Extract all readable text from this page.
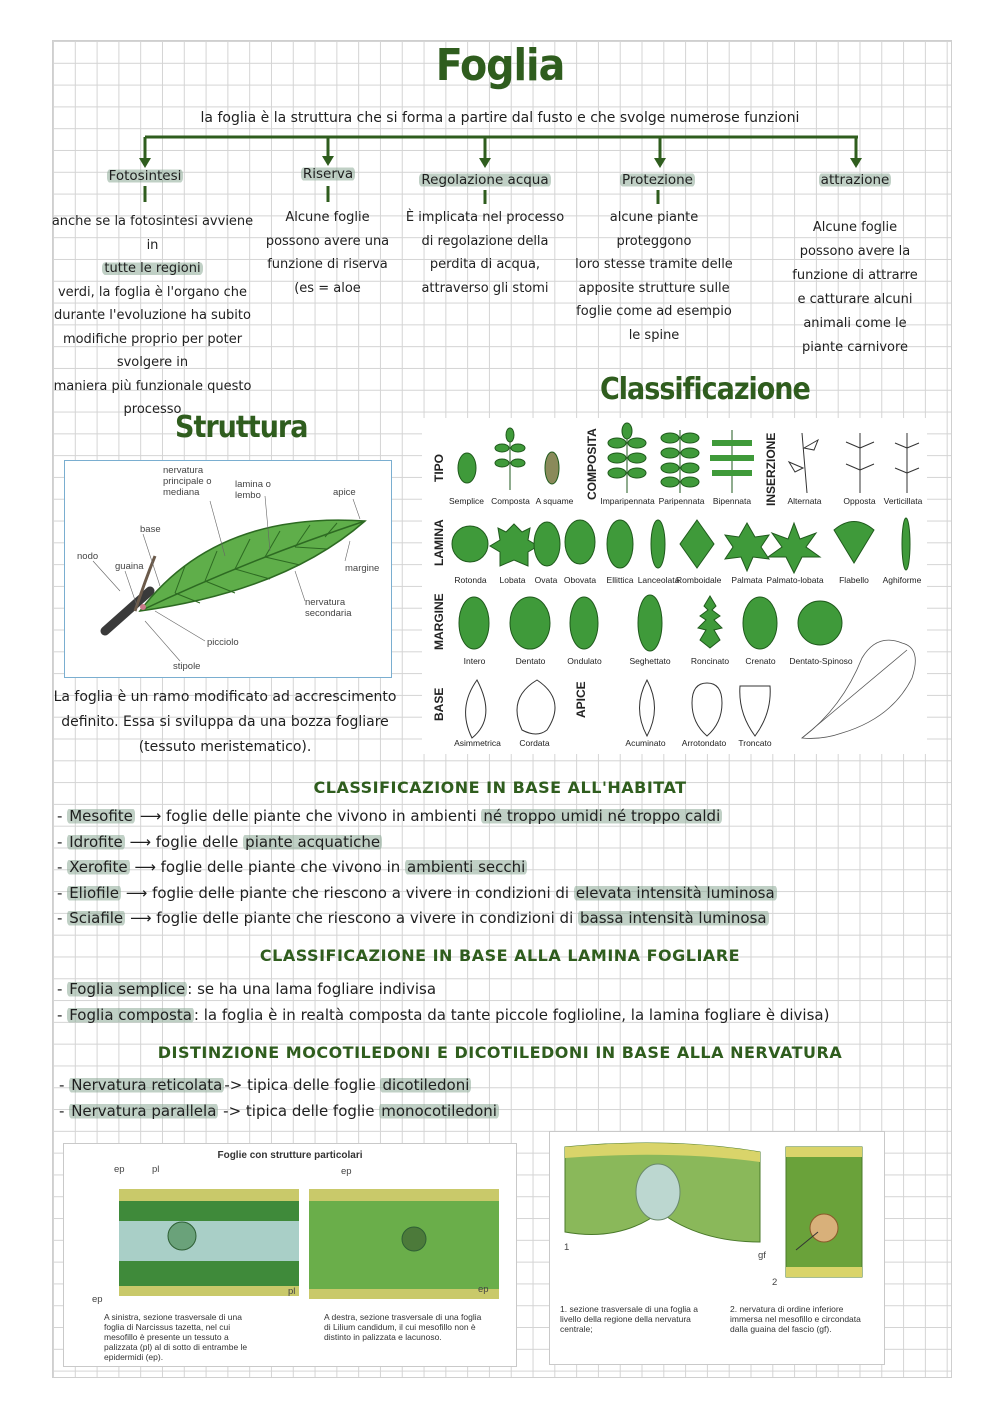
Foglia
la foglia è la struttura che si forma a partire dal fusto e che svolge numerose funzioni
Fotosintesi	Riserva	Regolazione acqua	Protezione	attrazione
anche se la fotosintesi avviene in
tutte le regioni
verdi, la foglia è l'organo che
durante l'evoluzione ha subito
modifiche proprio per poter
svolgere in
maniera più funzionale questo
processo
Alcune foglie
possono avere una
funzione di riserva
(es = aloe
È implicata nel processo
di regolazione della
perdita di acqua,
attraverso gli stomi
alcune piante proteggono
loro stesse tramite delle
apposite strutture sulle
foglie come ad esempio
le spine
Alcune foglie
possono avere la
funzione di attrarre
e catturare alcuni
animali come le
piante carnivore
Classificazione
Struttura
nervatura principale o mediana
lamina o lembo	apice
base
nodo
guaina	margine
nervatura secondaria
picciolo
stipole
La foglia è un ramo modificato ad accrescimento
definito. Essa si sviluppa da una bozza fogliare
(tessuto meristematico).
TIPO	COMPOSITA	INSERZIONE
LAMINA
MARGINE
BASE	APICE
Semplice Composta A squame	Imparipennata Paripennata Bipennata	Alternata	Opposta Verticillata
Rotonda	Lobata	Ovata Obovata	Ellittica Lanceolata
Romboidale	Palmata Palmato-lobata	Flabello	Aghiforme
Intero	Dentato	Ondulato	Seghettato	Roncinato	Crenato	Dentato-Spinoso
Asimmetrica	Cordata	Acuminato	Arrotondato	Troncato
CLASSIFICAZIONE IN BASE ALL'HABITAT
- Mesofite ⟶ foglie delle piante che vivono in ambienti né troppo umidi né troppo caldi
- Idrofite ⟶ foglie delle piante acquatiche
- Xerofite ⟶ foglie delle piante che vivono in ambienti secchi
- Eliofile ⟶ foglie delle piante che riescono a vivere in condizioni di elevata intensità luminosa
- Sciafile ⟶ foglie delle piante che riescono a vivere in condizioni di bassa intensità luminosa
CLASSIFICAZIONE IN BASE ALLA LAMINA FOGLIARE
- Foglia semplice : se ha una lama fogliare indivisa
- Foglia composta : la foglia è in realtà composta da tante piccole foglioline, la lamina fogliare è divisa)
DISTINZIONE MOCOTILEDONI E DICOTILEDONI IN BASE ALLA NERVATURA
- Nervatura reticolata -> tipica delle foglie dicotiledoni
- Nervatura parallela -> tipica delle foglie monocotiledoni
Foglie con strutture particolari
ep	pl
ep
pl
ep
ep
A sinistra, sezione trasversale di una foglia di Narcissus tazetta, nel cui mesofillo è presente un tessuto a palizzata (pl) al di sotto di entrambe le epidermidi (ep).
A destra, sezione trasversale di una foglia di Lilium candidum, il cui mesofillo non è distinto in palizzata e lacunoso.
1
2
gf
1. sezione trasversale di una foglia a livello della regione della nervatura centrale;
2. nervatura di ordine inferiore immersa nel mesofillo e circondata dalla guaina del fascio (gf).
